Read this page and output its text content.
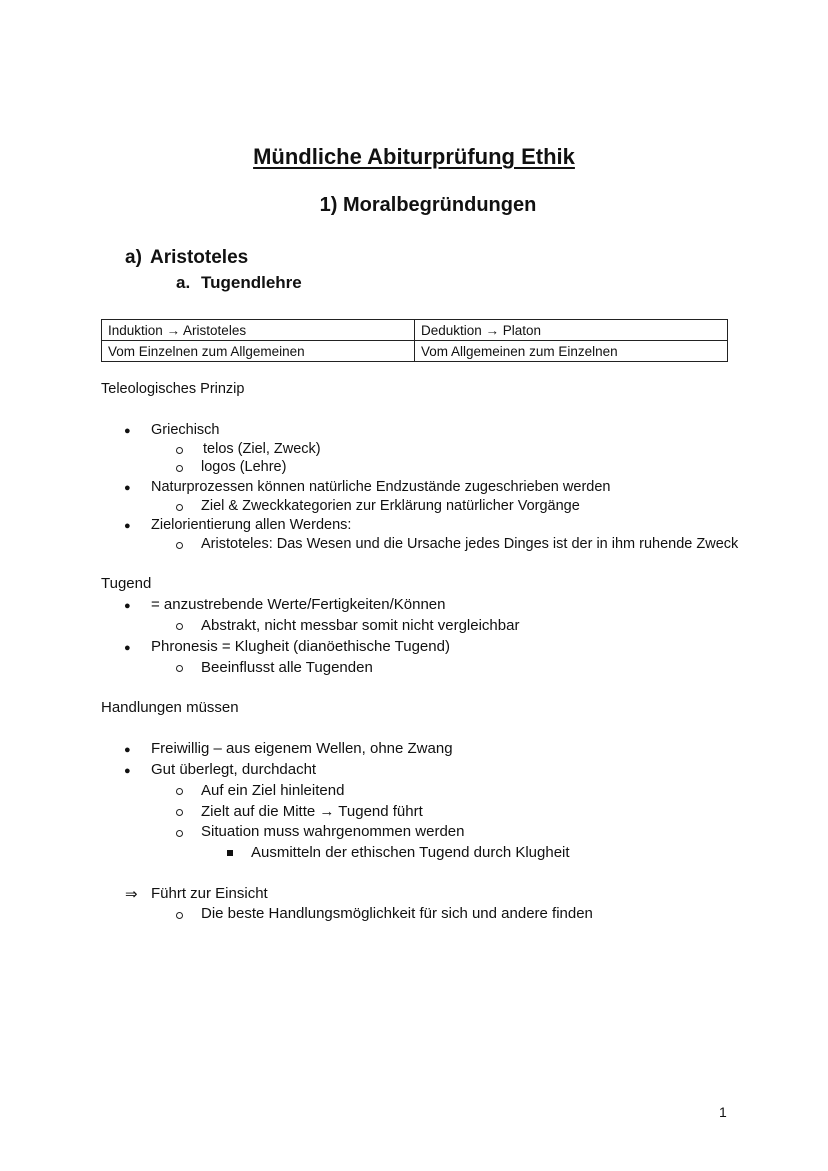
Mündliche Abiturprüfung Ethik
1) Moralbegründungen
a) Aristoteles
a. Tugendlehre
Induktion → Aristoteles	Deduktion → Platon
Vom Einzelnen zum Allgemeinen	Vom Allgemeinen zum Einzelnen
Teleologisches Prinzip
● Griechisch
telos (Ziel, Zweck)
logos (Lehre)
● Naturprozessen können natürliche Endzustände zugeschrieben werden
Ziel & Zweckkategorien zur Erklärung natürlicher Vorgänge
● Zielorientierung allen Werdens:
Aristoteles: Das Wesen und die Ursache jedes Dinges ist der in ihm ruhende Zweck
Tugend
● = anzustrebende Werte/Fertigkeiten/Können
Abstrakt, nicht messbar somit nicht vergleichbar
● Phronesis = Klugheit (dianöethische Tugend)
Beeinflusst alle Tugenden
Handlungen müssen
● Freiwillig – aus eigenem Wellen, ohne Zwang
● Gut überlegt, durchdacht
Auf ein Ziel hinleitend
Zielt auf die Mitte → Tugend führt
Situation muss wahrgenommen werden
Ausmitteln der ethischen Tugend durch Klugheit
⇒ Führt zur Einsicht
Die beste Handlungsmöglichkeit für sich und andere finden
1
